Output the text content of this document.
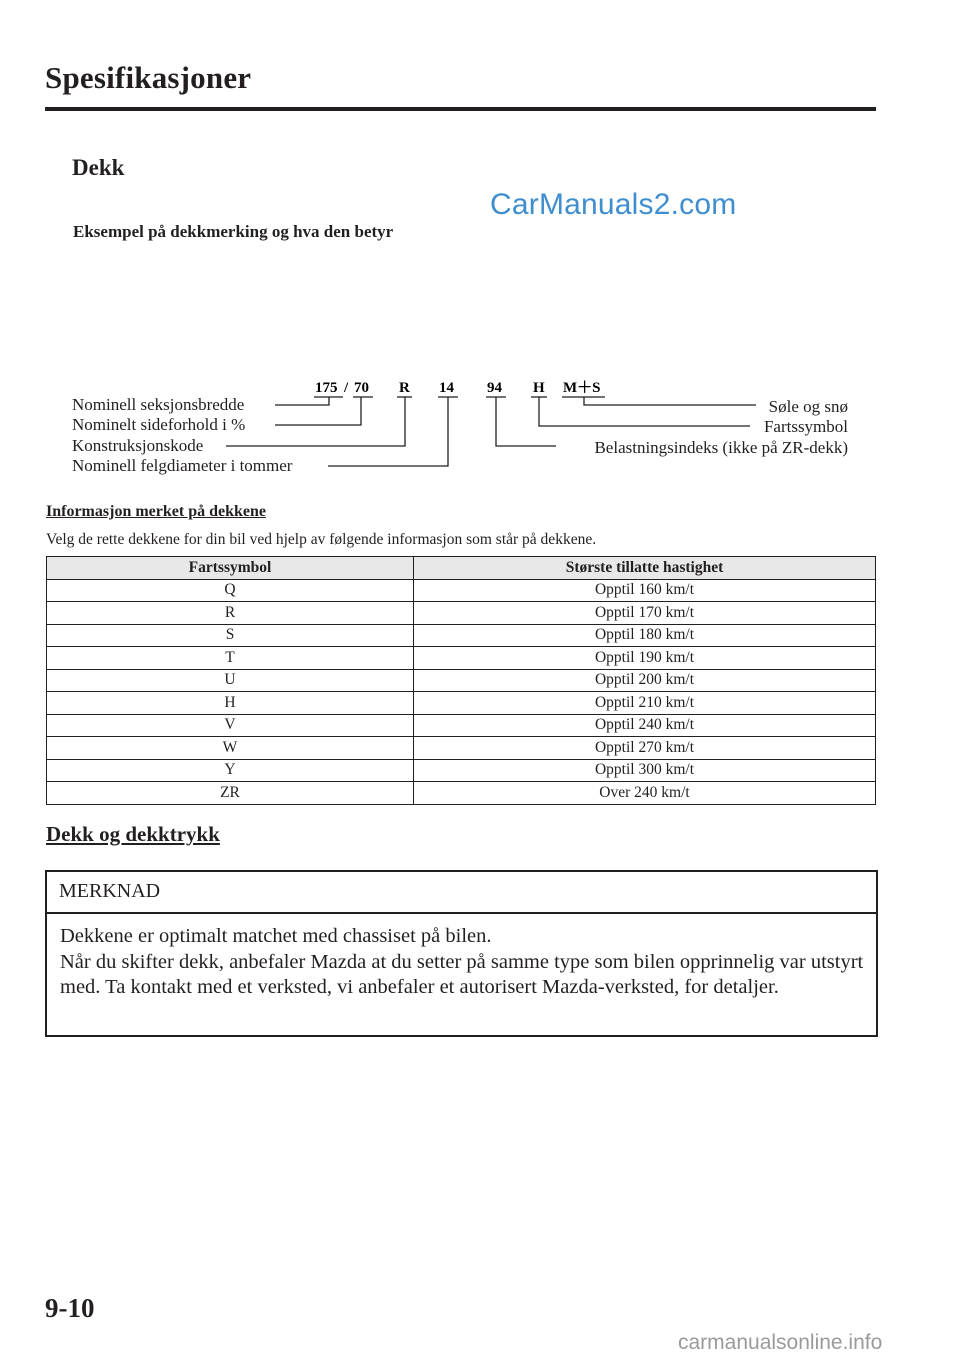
Spesifikasjoner
Dekk
CarManuals2.com
Eksempel på dekkmerking og hva den betyr
175 / 70 R 14 94 H M＋S
Nominell seksjonsbredde
Nominelt sideforhold i %
Konstruksjonskode
Nominell felgdiameter i tommer
Søle og snø
Fartssymbol
Belastningsindeks (ikke på ZR-dekk)
Informasjon merket på dekkene
Velg de rette dekkene for din bil ved hjelp av følgende informasjon som står på dekkene.
Fartssymbol	Største tillatte hastighet
Q	Opptil 160 km/t
R	Opptil 170 km/t
S	Opptil 180 km/t
T	Opptil 190 km/t
U	Opptil 200 km/t
H	Opptil 210 km/t
V	Opptil 240 km/t
W	Opptil 270 km/t
Y	Opptil 300 km/t
ZR	Over 240 km/t
Dekk og dekktrykk
MERKNAD

Dekkene er optimalt matchet med chassiset på bilen.

Når du skifter dekk, anbefaler Mazda at du setter på samme type som bilen opprinnelig var utstyrt med. Ta kontakt med et verksted, vi anbefaler et autorisert Mazda-verksted, for detaljer.

9-10
carmanualsonline.info
